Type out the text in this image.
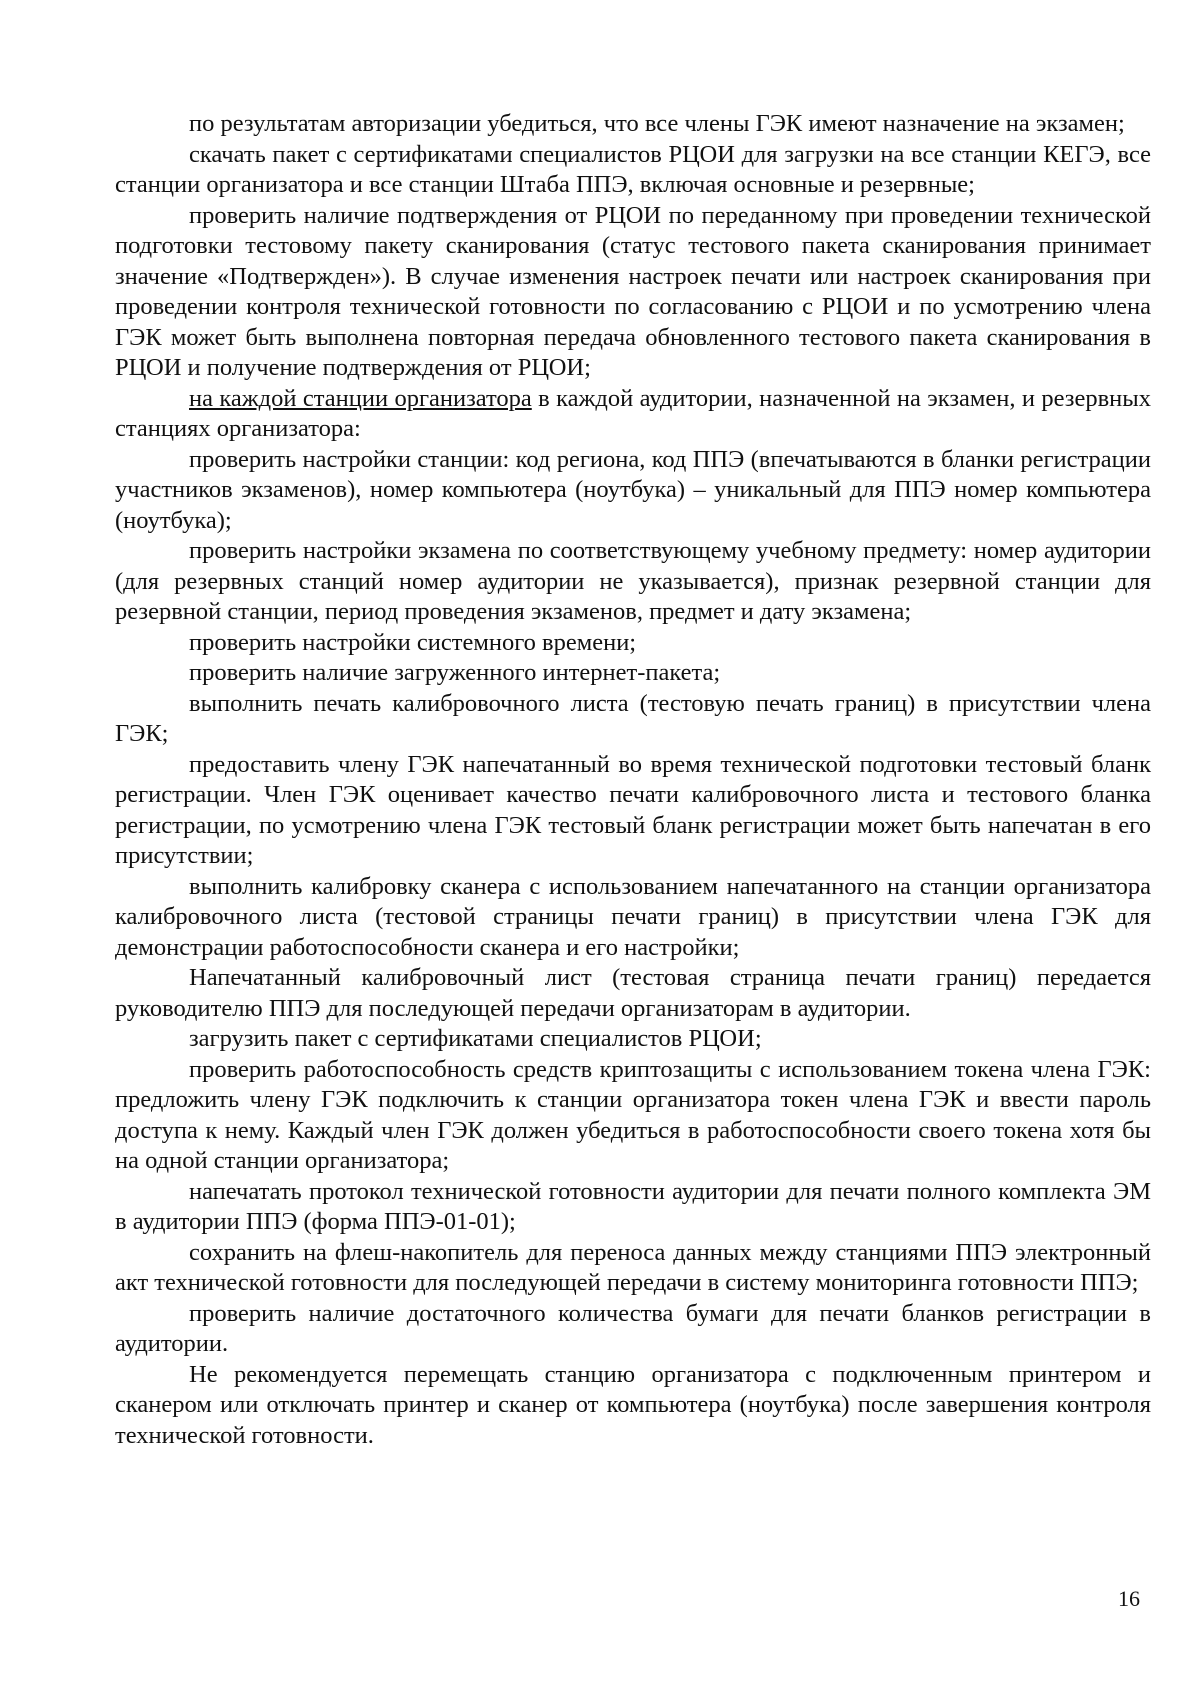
по результатам авторизации убедиться, что все члены ГЭК имеют назначение на экзамен;

скачать пакет с сертификатами специалистов РЦОИ для загрузки на все станции КЕГЭ, все станции организатора и все станции Штаба ППЭ, включая основные и резервные;

проверить наличие подтверждения от РЦОИ по переданному при проведении технической подготовки тестовому пакету сканирования (статус тестового пакета сканирования принимает значение «Подтвержден»). В случае изменения настроек печати или настроек сканирования при проведении контроля технической готовности по согласованию с РЦОИ и по усмотрению члена ГЭК может быть выполнена повторная передача обновленного тестового пакета сканирования в РЦОИ и получение подтверждения от РЦОИ;

на каждой станции организатора в каждой аудитории, назначенной на экзамен, и резервных станциях организатора:

проверить настройки станции: код региона, код ППЭ (впечатываются в бланки регистрации участников экзаменов), номер компьютера (ноутбука) – уникальный для ППЭ номер компьютера (ноутбука);

проверить настройки экзамена по соответствующему учебному предмету: номер аудитории (для резервных станций номер аудитории не указывается), признак резервной станции для резервной станции, период проведения экзаменов, предмет и дату экзамена;

проверить настройки системного времени;

проверить наличие загруженного интернет-пакета;

выполнить печать калибровочного листа (тестовую печать границ) в присутствии члена ГЭК;

предоставить члену ГЭК напечатанный во время технической подготовки тестовый бланк регистрации. Член ГЭК оценивает качество печати калибровочного листа и тестового бланка регистрации, по усмотрению члена ГЭК тестовый бланк регистрации может быть напечатан в его присутствии;

выполнить калибровку сканера с использованием напечатанного на станции организатора калибровочного листа (тестовой страницы печати границ) в присутствии члена ГЭК для демонстрации работоспособности сканера и его настройки;

Напечатанный калибровочный лист (тестовая страница печати границ) передается руководителю ППЭ для последующей передачи организаторам в аудитории.

загрузить пакет с сертификатами специалистов РЦОИ;

проверить работоспособность средств криптозащиты с использованием токена члена ГЭК: предложить члену ГЭК подключить к станции организатора токен члена ГЭК и ввести пароль доступа к нему. Каждый член ГЭК должен убедиться в работоспособности своего токена хотя бы на одной станции организатора;

напечатать протокол технической готовности аудитории для печати полного комплекта ЭМ в аудитории ППЭ (форма ППЭ-01-01);

сохранить на флеш-накопитель для переноса данных между станциями ППЭ электронный акт технической готовности для последующей передачи в систему мониторинга готовности ППЭ;

проверить наличие достаточного количества бумаги для печати бланков регистрации в аудитории.

Не рекомендуется перемещать станцию организатора с подключенным принтером и сканером или отключать принтер и сканер от компьютера (ноутбука) после завершения контроля технической готовности.

16
